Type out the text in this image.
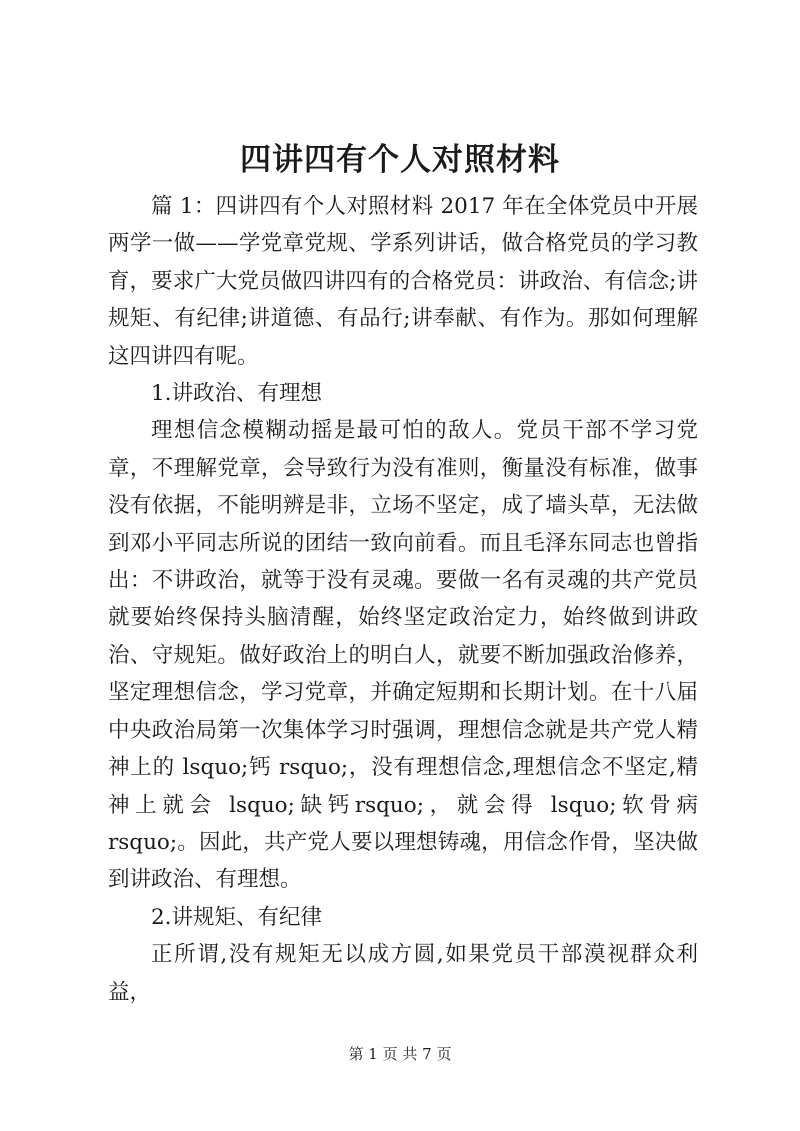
四讲四有个人对照材料

篇 1：四讲四有个人对照材料 2017 年在全体党员中开展两学一做——学党章党规、学系列讲话，做合格党员的学习教育，要求广大党员做四讲四有的合格党员：讲政治、有信念;讲规矩、有纪律;讲道德、有品行;讲奉献、有作为。那如何理解这四讲四有呢。

1.讲政治、有理想

理想信念模糊动摇是最可怕的敌人。党员干部不学习党章，不理解党章，会导致行为没有准则，衡量没有标准，做事没有依据，不能明辨是非，立场不坚定，成了墙头草，无法做到邓小平同志所说的团结一致向前看。而且毛泽东同志也曾指出：不讲政治，就等于没有灵魂。要做一名有灵魂的共产党员就要始终保持头脑清醒，始终坚定政治定力，始终做到讲政治、守规矩。做好政治上的明白人，就要不断加强政治修养，坚定理想信念，学习党章，并确定短期和长期计划。在十八届中央政治局第一次集体学习时强调，理想信念就是共产党人精神上的 lsquo;钙 rsquo;，没有理想信念,理想信念不坚定,精神上就会 lsquo;缺钙rsquo;，就会得 lsquo;软骨病 rsquo;。因此，共产党人要以理想铸魂，用信念作骨，坚决做到讲政治、有理想。

2.讲规矩、有纪律

正所谓,没有规矩无以成方圆,如果党员干部漠视群众利益，

第 1 页 共 7 页
